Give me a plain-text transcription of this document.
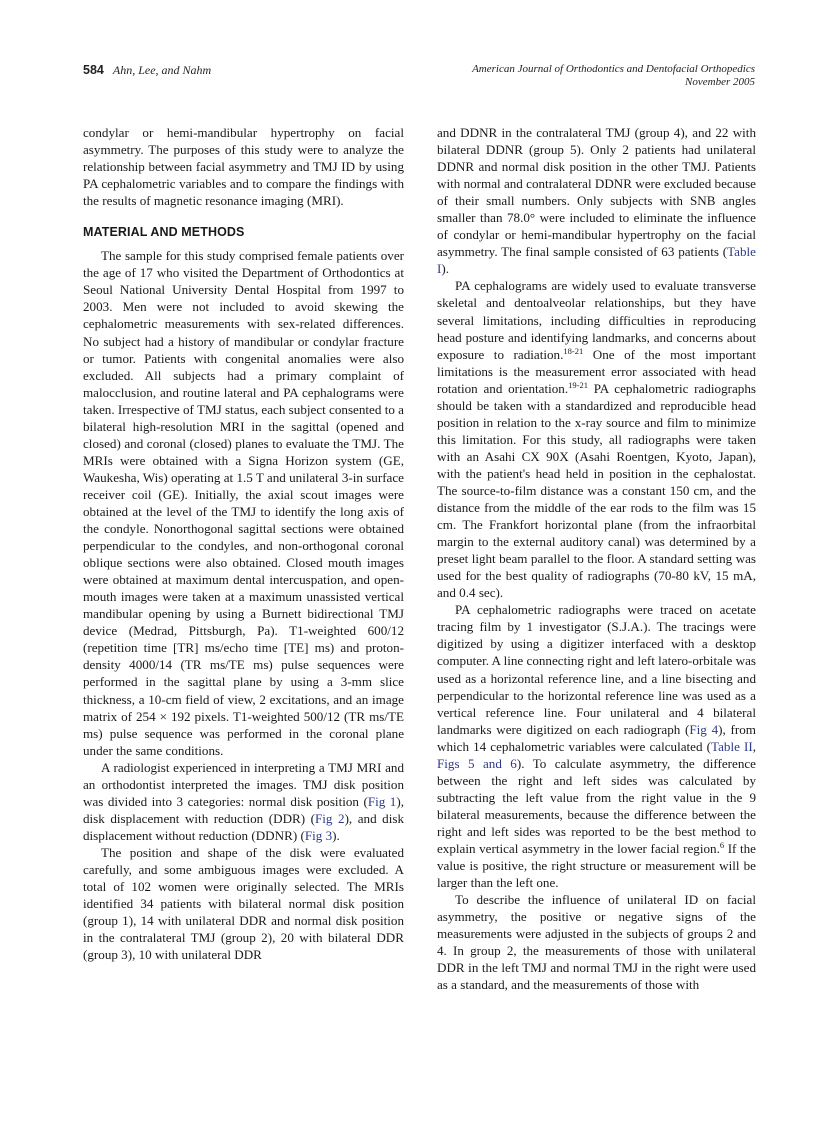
584 Ahn, Lee, and Nahm	American Journal of Orthodontics and Dentofacial Orthopedics
November 2005

condylar or hemi-mandibular hypertrophy on facial asymmetry. The purposes of this study were to analyze the relationship between facial asymmetry and TMJ ID by using PA cephalometric variables and to compare the findings with the results of magnetic resonance imaging (MRI).

MATERIAL AND METHODS

The sample for this study comprised female patients over the age of 17 who visited the Department of Orthodontics at Seoul National University Dental Hospital from 1997 to 2003. Men were not included to avoid skewing the cephalometric measurements with sex-related differences. No subject had a history of mandibular or condylar fracture or tumor. Patients with congenital anomalies were also excluded. All subjects had a primary complaint of malocclusion, and routine lateral and PA cephalograms were taken. Irrespective of TMJ status, each subject consented to a bilateral high-resolution MRI in the sagittal (opened and closed) and coronal (closed) planes to evaluate the TMJ. The MRIs were obtained with a Signa Horizon system (GE, Waukesha, Wis) operating at 1.5 T and unilateral 3-in surface receiver coil (GE). Initially, the axial scout images were obtained at the level of the TMJ to identify the long axis of the condyle. Nonorthogonal sagittal sections were obtained perpendicular to the condyles, and non-orthogonal coronal oblique sections were also obtained. Closed mouth images were obtained at maximum dental intercuspation, and open-mouth images were taken at a maximum unassisted vertical mandibular opening by using a Burnett bidirectional TMJ device (Medrad, Pittsburgh, Pa). T1-weighted 600/12 (repetition time [TR] ms/echo time [TE] ms) and proton-density 4000/14 (TR ms/TE ms) pulse sequences were performed in the sagittal plane by using a 3-mm slice thickness, a 10-cm field of view, 2 excitations, and an image matrix of 254 × 192 pixels. T1-weighted 500/12 (TR ms/TE ms) pulse sequence was performed in the coronal plane under the same conditions.

A radiologist experienced in interpreting a TMJ MRI and an orthodontist interpreted the images. TMJ disk position was divided into 3 categories: normal disk position (Fig 1), disk displacement with reduction (DDR) (Fig 2), and disk displacement without reduction (DDNR) (Fig 3).

The position and shape of the disk were evaluated carefully, and some ambiguous images were excluded. A total of 102 women were originally selected. The MRIs identified 34 patients with bilateral normal disk position (group 1), 14 with unilateral DDR and normal disk position in the contralateral TMJ (group 2), 20 with bilateral DDR (group 3), 10 with unilateral DDR

and DDNR in the contralateral TMJ (group 4), and 22 with bilateral DDNR (group 5). Only 2 patients had unilateral DDNR and normal disk position in the other TMJ. Patients with normal and contralateral DDNR were excluded because of their small numbers. Only subjects with SNB angles smaller than 78.0° were included to eliminate the influence of condylar or hemi-mandibular hypertrophy on the facial asymmetry. The final sample consisted of 63 patients (Table I).

PA cephalograms are widely used to evaluate transverse skeletal and dentoalveolar relationships, but they have several limitations, including difficulties in reproducing head posture and identifying landmarks, and concerns about exposure to radiation.$^{18-21}$ One of the most important limitations is the measurement error associated with head rotation and orientation.$^{19-21}$ PA cephalometric radiographs should be taken with a standardized and reproducible head position in relation to the x-ray source and film to minimize this limitation. For this study, all radiographs were taken with an Asahi CX 90X (Asahi Roentgen, Kyoto, Japan), with the patient's head held in position in the cephalostat. The source-to-film distance was a constant 150 cm, and the distance from the middle of the ear rods to the film was 15 cm. The Frankfort horizontal plane (from the infraorbital margin to the external auditory canal) was determined by a preset light beam parallel to the floor. A standard setting was used for the best quality of radiographs (70-80 kV, 15 mA, and 0.4 sec).

PA cephalometric radiographs were traced on acetate tracing film by 1 investigator (S.J.A.). The tracings were digitized by using a digitizer interfaced with a desktop computer. A line connecting right and left latero-orbitale was used as a horizontal reference line, and a line bisecting and perpendicular to the horizontal reference line was used as a vertical reference line. Four unilateral and 4 bilateral landmarks were digitized on each radiograph (Fig 4), from which 14 cephalometric variables were calculated (Table II, Figs 5 and 6). To calculate asymmetry, the difference between the right and left sides was calculated by subtracting the left value from the right value in the 9 bilateral measurements, because the difference between the right and left sides was reported to be the best method to explain vertical asymmetry in the lower facial region.$^6$ If the value is positive, the right structure or measurement will be larger than the left one.

To describe the influence of unilateral ID on facial asymmetry, the positive or negative signs of the measurements were adjusted in the subjects of groups 2 and 4. In group 2, the measurements of those with unilateral DDR in the left TMJ and normal TMJ in the right were used as a standard, and the measurements of those with
